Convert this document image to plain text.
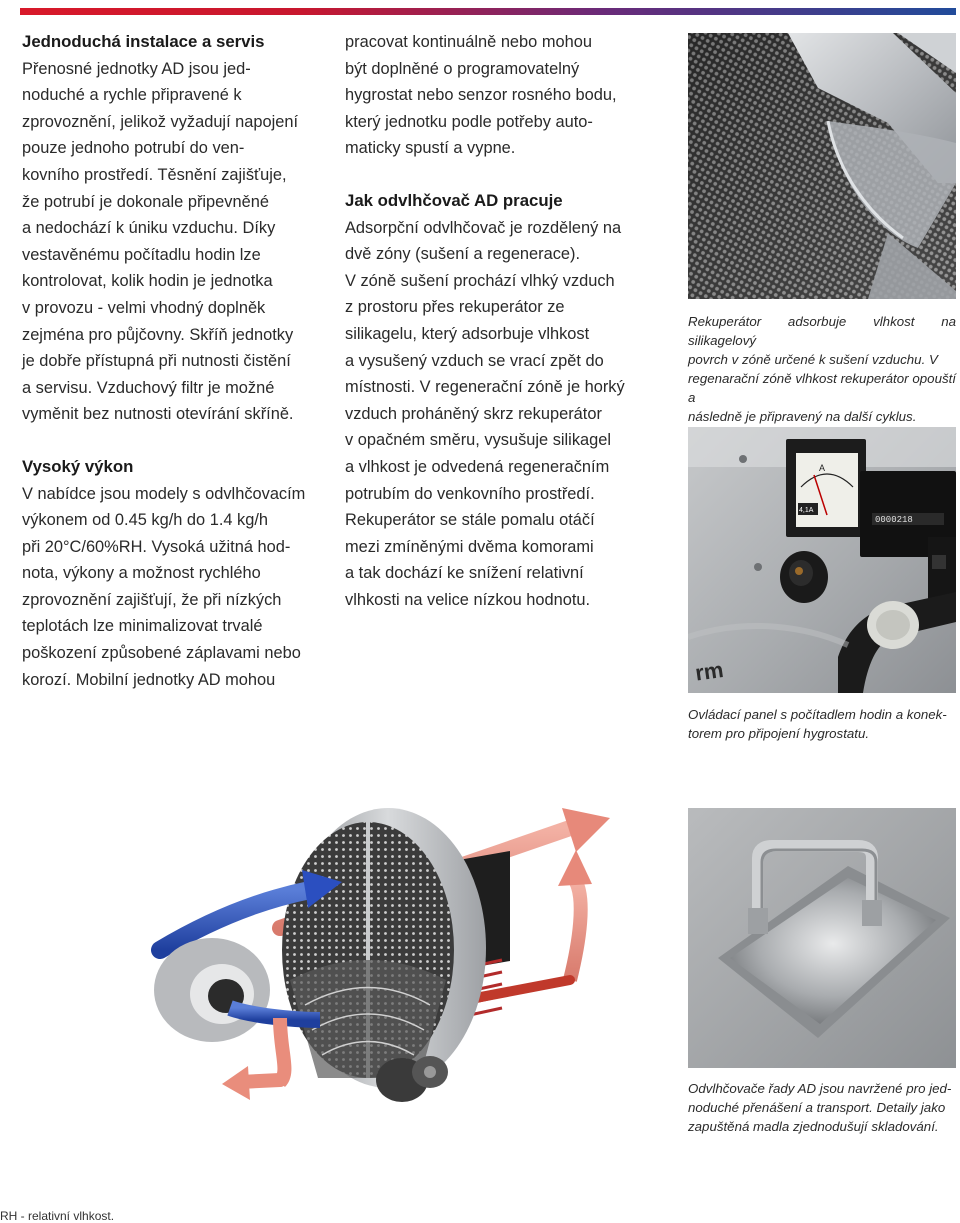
Jednoduchá instalace a servis

Přenosné jednotky AD jsou jed-

noduché a rychle připravené k

zprovoznění, jelikož vyžadují napojení

pouze jednoho potrubí do ven-

kovního prostředí. Těsnění zajišťuje,

že potrubí je dokonale připevněné

a nedochází k úniku vzduchu. Díky

vestavěnému počítadlu hodin lze

kontrolovat, kolik hodin je jednotka

v provozu - velmi vhodný doplněk

zejména pro půjčovny. Skříň jednotky

je dobře přístupná při nutnosti čistění

a servisu. Vzduchový filtr je možné

vyměnit bez nutnosti otevírání skříně.

Vysoký výkon

V nabídce jsou modely s odvlhčovacím

výkonem od 0.45 kg/h do 1.4 kg/h

při 20°C/60%RH. Vysoká užitná hod-

nota, výkony a možnost rychlého

zprovoznění zajišťují, že při nízkých

teplotách lze minimalizovat trvalé

poškození způsobené záplavami nebo

korozí. Mobilní jednotky AD mohou

pracovat kontinuálně nebo mohou

být doplněné o programovatelný

hygrostat nebo senzor rosného bodu,

který jednotku podle potřeby auto-

maticky spustí a vypne.

Jak odvlhčovač AD pracuje

Adsorpční odvlhčovač je rozdělený na

dvě zóny (sušení a regenerace).

V zóně sušení prochází vlhký vzduch

z prostoru přes rekuperátor ze

silikagelu, který adsorbuje vlhkost

a vysušený vzduch se vrací zpět do

místnosti. V regenerační zóně je horký

vzduch proháněný skrz rekuperátor

v opačném směru, vysušuje silikagel

a vlhkost je odvedená regeneračním

potrubím do venkovního prostředí.

Rekuperátor se stále pomalu otáčí

mezi zmíněnými dvěma komorami

a tak dochází ke snížení relativní

vlhkosti na velice nízkou hodnotu.

Rekuperátor adsorbuje vlhkost na silikagelový
povrch v zóně určené k sušení vzduchu. V
regenarační zóně vlhkost rekuperátor opouští a
následně je připravený na další cyklus.
A
4,1A
0000218
rm
Ovládací panel s počítadlem hodin a konek-
torem pro připojení hygrostatu.
Odvlhčovače řady AD jsou navržené pro jed-
noduché přenášení a transport. Detaily jako
zapuštěná madla zjednodušují skladování.
RH - relativní vlhkost.
